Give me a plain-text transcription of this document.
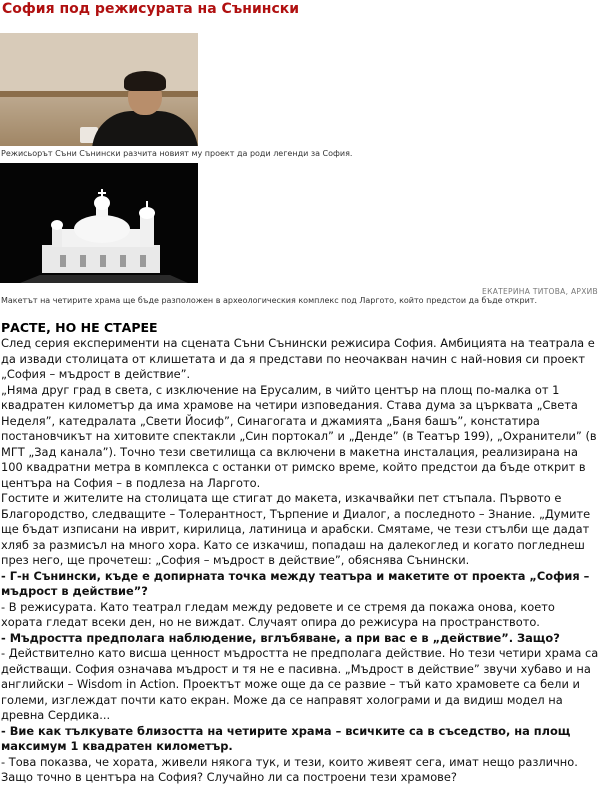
София под режисурата на Сънински

Режисьорът Съни Сънински разчита новият му проект да роди легенди за София.

ЕКАТЕРИНА ТИТОВА, АРХИВ

Макетът на четирите храма ще бъде разположен в археологическия комплекс под Ларгото, който предстои да бъде открит.

РАСТЕ, НО НЕ СТАРЕЕ

След серия експерименти на сцената Съни Сънински режисира София. Амбицията на театрала е да извади столицата от клишетата и да я представи по неочакван начин с най-новия си проект „София – мъдрост в действие”.

„Няма друг град в света, с изключение на Ерусалим, в чийто център на площ по-малка от 1 квадратен километър да има храмове на четири изповедания. Става дума за църквата „Света Неделя”, катедралата „Свети Йосиф”, Синагогата и джамията „Баня башъ”, констатира постановчикът на хитовите спектакли „Син портокал” и „Денде” (в Театър 199), „Охранители” (в МГТ „Зад канала”). Точно тези светилища са включени в макетна инсталация, реализирана на 100 квадратни метра в комплекса с останки от римско време, който предстои да бъде открит в центъра на София – в подлеза на Ларгото.

Гостите и жителите на столицата ще стигат до макета, изкачвайки пет стъпала. Първото е Благородство, следващите – Толерантност, Търпение и Диалог, а последното – Знание. „Думите ще бъдат изписани на иврит, кирилица, латиница и арабски. Смятаме, че тези стълби ще дадат хляб за размисъл на много хора. Като се изкачиш, попадаш на далекоглед и когато погледнеш през него, ще прочетеш: „София – мъдрост в действие”, обяснява Сънински.

- Г-н Сънински, къде е допирната точка между театъра и макетите от проекта „София – мъдрост в действие”?

- В режисурата. Като театрал гледам между редовете и се стремя да покажа онова, което хората гледат всеки ден, но не виждат. Случаят опира до режисура на пространството.

- Мъдростта предполага наблюдение, вглъбяване, а при вас е в „действие”. Защо?

- Действително като висша ценност мъдростта не предполага действие. Но тези четири храма са действащи. София означава мъдрост и тя не е пасивна. „Мъдрост в действие” звучи хубаво и на английски – Wisdom in Action. Проектът може още да се развие – тъй като храмовете са бели и големи, изглеждат почти като екран. Може да се направят холограми и да видиш модел на древна Сердика...

- Вие как тълкувате близостта на четирите храма – всичките са в съседство, на площ максимум 1 квадратен километър.

- Това показва, че хората, живели някога тук, и тези, които живеят сега, имат нещо различно. Защо точно в центъра на София? Случайно ли са построени тези храмове?
